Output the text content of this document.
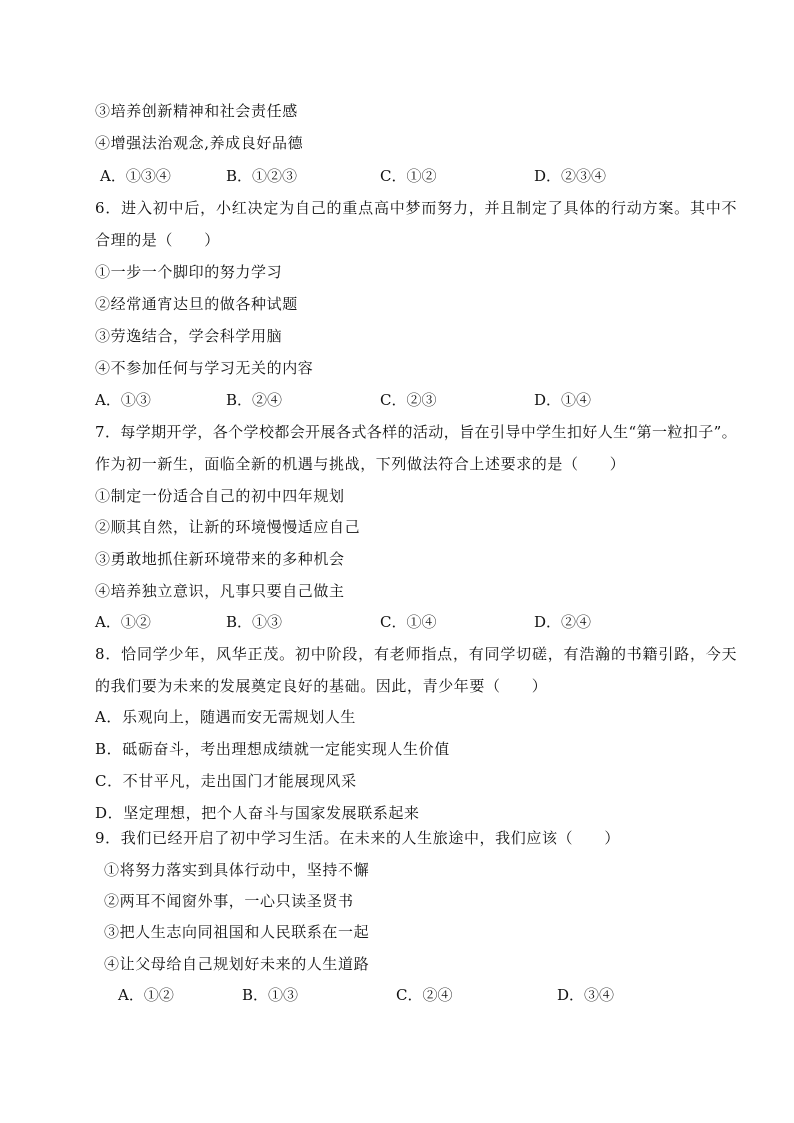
③培养创新精神和社会责任感
④增强法治观念,养成良好品德
A．①③④	B．①②③	C．①②	D．②③④
6．进入初中后，小红决定为自己的重点高中梦而努力，并且制定了具体的行动方案。其中不
合理的是（　　）
①一步一个脚印的努力学习
②经常通宵达旦的做各种试题
③劳逸结合，学会科学用脑
④不参加任何与学习无关的内容
A．①③	B．②④	C．②③	D．①④
7．每学期开学，各个学校都会开展各式各样的活动，旨在引导中学生扣好人生“第一粒扣子”。
作为初一新生，面临全新的机遇与挑战，下列做法符合上述要求的是（　　）
①制定一份适合自己的初中四年规划
②顺其自然，让新的环境慢慢适应自己
③勇敢地抓住新环境带来的多种机会
④培养独立意识，凡事只要自己做主
A．①②	B．①③	C．①④	D．②④
8．恰同学少年，风华正茂。初中阶段，有老师指点，有同学切磋，有浩瀚的书籍引路，今天
的我们要为未来的发展奠定良好的基础。因此，青少年要（　　）
A．乐观向上，随遇而安无需规划人生
B．砥砺奋斗，考出理想成绩就一定能实现人生价值
C．不甘平凡，走出国门才能展现风采
D．坚定理想，把个人奋斗与国家发展联系起来
9．我们已经开启了初中学习生活。在未来的人生旅途中，我们应该（　　）
①将努力落实到具体行动中，坚持不懈
②两耳不闻窗外事，一心只读圣贤书
③把人生志向同祖国和人民联系在一起
④让父母给自己规划好未来的人生道路
A．①②	B．①③	C．②④	D．③④
